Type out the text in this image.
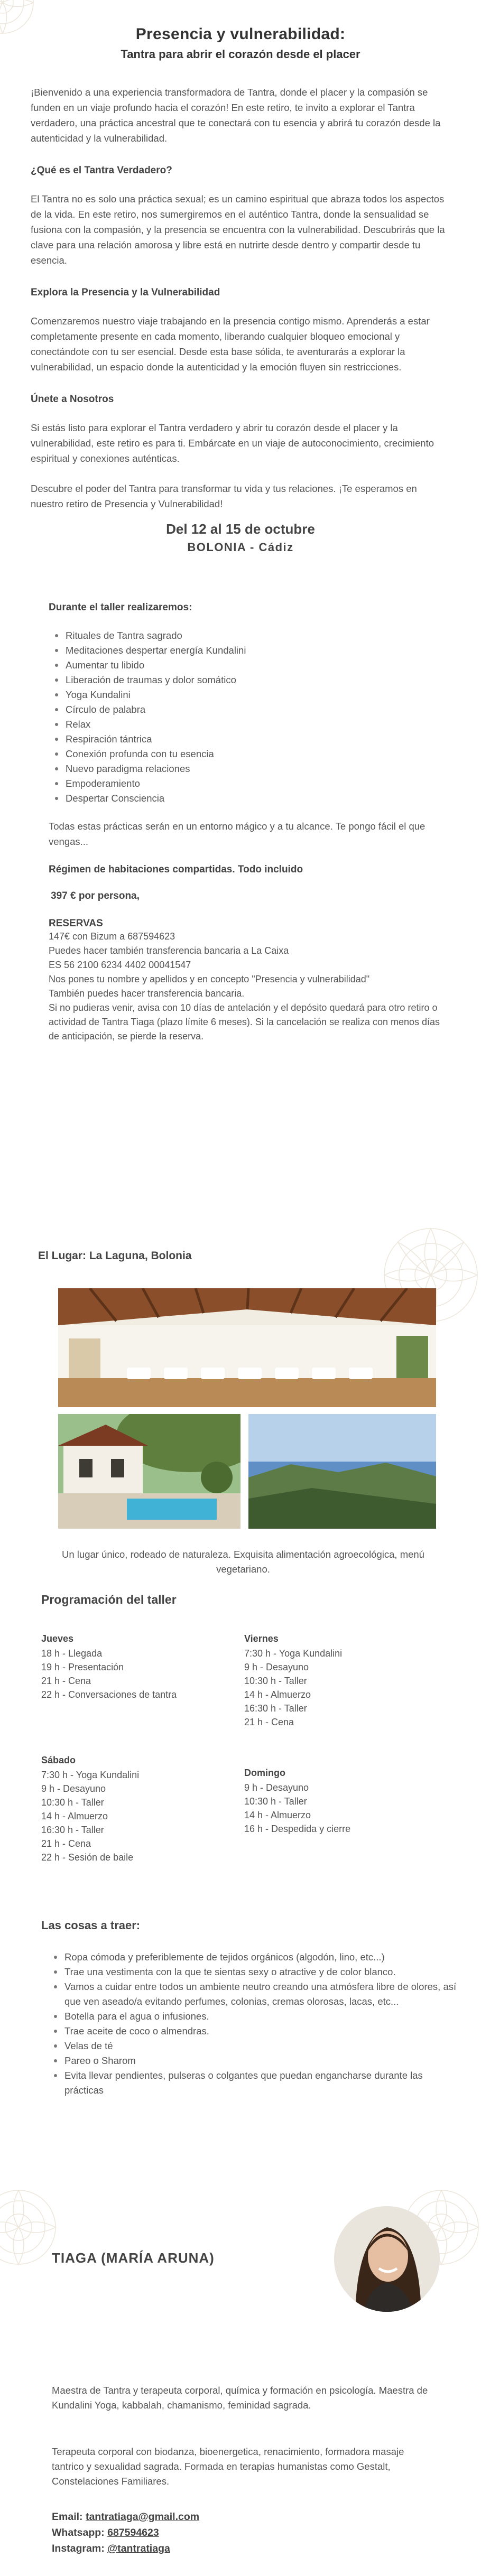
Presencia y vulnerabilidad:
Tantra para abrir el corazón desde el placer

¡Bienvenido a una experiencia transformadora de Tantra, donde el placer y la compasión se funden en un viaje profundo hacia el corazón! En este retiro, te invito a explorar el Tantra verdadero, una práctica ancestral que te conectará con tu esencia y abrirá tu corazón desde la autenticidad y la vulnerabilidad.

¿Qué es el Tantra Verdadero?

El Tantra no es solo una práctica sexual; es un camino espiritual que abraza todos los aspectos de la vida. En este retiro, nos sumergiremos en el auténtico Tantra, donde la sensualidad se fusiona con la compasión, y la presencia se encuentra con la vulnerabilidad. Descubrirás que la clave para una relación amorosa y libre está en nutrirte desde dentro y compartir desde tu esencia.

Explora la Presencia y la Vulnerabilidad

Comenzaremos nuestro viaje trabajando en la presencia contigo mismo. Aprenderás a estar completamente presente en cada momento, liberando cualquier bloqueo emocional y conectándote con tu ser esencial. Desde esta base sólida, te aventurarás a explorar la vulnerabilidad, un espacio donde la autenticidad y la emoción fluyen sin restricciones.

Únete a Nosotros

Si estás listo para explorar el Tantra verdadero y abrir tu corazón desde el placer y la vulnerabilidad, este retiro es para ti. Embárcate en un viaje de autoconocimiento, crecimiento espiritual y conexiones auténticas.

Descubre el poder del Tantra para transformar tu vida y tus relaciones. ¡Te esperamos en nuestro retiro de Presencia y Vulnerabilidad!

Del 12 al 15 de octubre
BOLONIA - Cádiz
Durante el taller realizaremos:
Rituales de Tantra sagrado
Meditaciones despertar energía Kundalini
Aumentar tu libido
Liberación de traumas y dolor somático
Yoga Kundalini
Círculo de palabra
Relax
Respiración tántrica
Conexión profunda con tu esencia
Nuevo paradigma relaciones
Empoderamiento
Despertar Consciencia

Todas estas prácticas serán en un entorno mágico y a tu alcance. Te pongo fácil el que vengas...

Régimen de habitaciones compartidas. Todo incluido
397 € por persona,
RESERVAS
147€ con Bizum a 687594623
Puedes hacer también transferencia bancaria a La Caixa
ES 56 2100 6234 4402 00041547
Nos pones tu nombre y apellidos y en concepto "Presencia y vulnerabilidad"
También puedes hacer transferencia bancaria.
Si no pudieras venir, avisa con 10 días de antelación y el depósito quedará para otro retiro o actividad de Tantra Tiaga (plazo límite 6 meses). Si la cancelación se realiza con menos días de anticipación, se pierde la reserva.
El Lugar: La Laguna, Bolonia
Un lugar único, rodeado de naturaleza. Exquisita alimentación agroecológica, menú vegetariano.
Programación del taller
Jueves
18 h - Llegada
19 h - Presentación
21 h - Cena
22 h - Conversaciones de tantra
Sábado
7:30 h - Yoga Kundalini
9 h - Desayuno
10:30 h - Taller
14 h - Almuerzo
16:30 h - Taller
21 h - Cena
22 h - Sesión de baile
Viernes
7:30 h - Yoga Kundalini
9 h - Desayuno
10:30 h - Taller
14 h - Almuerzo
16:30 h - Taller
21 h - Cena
Domingo
9 h - Desayuno
10:30 h - Taller
14 h - Almuerzo
16 h - Despedida y cierre
Las cosas a traer:
Ropa cómoda y preferiblemente de tejidos orgánicos (algodón, lino, etc...)
Trae una vestimenta con la que te sientas sexy o atractive y de color blanco.
Vamos a cuidar entre todos un ambiente neutro creando una atmósfera libre de olores, así que ven aseado/a evitando perfumes, colonias, cremas olorosas, lacas, etc...
Botella para el agua o infusiones.
Trae aceite de coco o almendras.
Velas de té
Pareo o Sharom
Evita llevar pendientes, pulseras o colgantes que puedan engancharse durante las prácticas
TIAGA (MARÍA ARUNA)
Maestra de Tantra y terapeuta corporal, química y formación en psicología. Maestra de Kundalini Yoga, kabbalah, chamanismo, feminidad sagrada.
Terapeuta corporal con biodanza, bioenergetica, renacimiento, formadora masaje tantrico y sexualidad sagrada. Formada en terapias humanistas como Gestalt, Constelaciones Familiares.
Email: tantratiaga@gmail.com
Whatsapp: 687594623
Instagram: @tantratiaga
